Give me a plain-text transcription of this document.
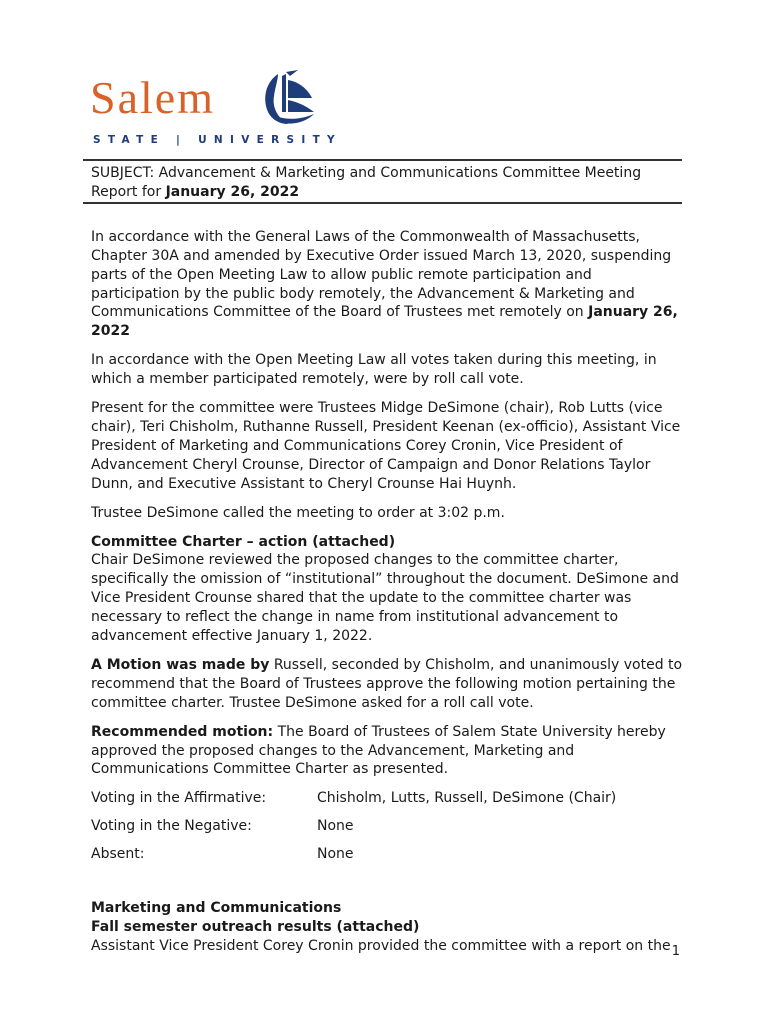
Salem
STATE | UNIVERSITY

SUBJECT: Advancement & Marketing and Communications Committee Meeting Report for January 26, 2022

In accordance with the General Laws of the Commonwealth of Massachusetts, Chapter 30A and amended by Executive Order issued March 13, 2020, suspending parts of the Open Meeting Law to allow public remote participation and participation by the public body remotely, the Advancement & Marketing and Communications Committee of the Board of Trustees met remotely on January 26, 2022

In accordance with the Open Meeting Law all votes taken during this meeting, in which a member participated remotely, were by roll call vote.

Present for the committee were Trustees Midge DeSimone (chair), Rob Lutts (vice chair), Teri Chisholm, Ruthanne Russell, President Keenan (ex-officio), Assistant Vice President of Marketing and Communications Corey Cronin, Vice President of Advancement Cheryl Crounse, Director of Campaign and Donor Relations Taylor Dunn, and Executive Assistant to Cheryl Crounse Hai Huynh.

Trustee DeSimone called the meeting to order at 3:02 p.m.

Committee Charter – action (attached)

Chair DeSimone reviewed the proposed changes to the committee charter, specifically the omission of “institutional” throughout the document. DeSimone and Vice President Crounse shared that the update to the committee charter was necessary to reflect the change in name from institutional advancement to advancement effective January 1, 2022.

A Motion was made by Russell, seconded by Chisholm, and unanimously voted to recommend that the Board of Trustees approve the following motion pertaining the committee charter. Trustee DeSimone asked for a roll call vote.

Recommended motion: The Board of Trustees of Salem State University hereby approved the proposed changes to the Advancement, Marketing and Communications Committee Charter as presented.

Voting in the Affirmative:	Chisholm, Lutts, Russell, DeSimone (Chair)
Voting in the Negative:	None
Absent:	None

Marketing and Communications

Fall semester outreach results (attached)

Assistant Vice President Corey Cronin provided the committee with a report on the 1
